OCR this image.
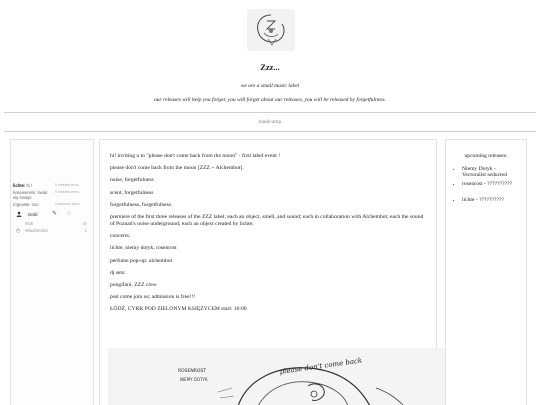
Zzz...
we are a small music label
our releases will help you forget, you will forget about our releases, you will be released by forgetfulness.
bandcamp
lichte: hi !	5 minutes temu
kosewerenk: świat się śmieje
5 minutes temu
rognaste: ooo	5 seconds temu
Gość	✎ ☺
Rick	40
◴	Wiadomości	1

hi! inviting u to "please don't come back from the moon" - first label event !

please don't come back from the moon [ZZZ + Alchembot].

noise, forgetfulness

scent, forgetfulness

forgetfulness, forgetfulness

premiere of the first three releases of the ZZZ label; each an object, smell, and sound; each in collaboration with Alchembot; each the sound of Poznań's noise underground; each an object created by lichte;

concerts:

lichte, niemy dotyk, rosenrost

perfume pop-up: alchembot

dj sets:

pongifani, ZZZ crew

psst come join us; admission is free!!!

ŁÓDŹ, CYRK POD ZIELONYM KSIĘŻYCEM start: 16:00

ROSENROST
NIEMY DOTYK
please don't come back
upcoming releases:
• Niemy Dotyk - Vectoralist seducted
• rosenrost - ??????????
• lichte - ??????????
